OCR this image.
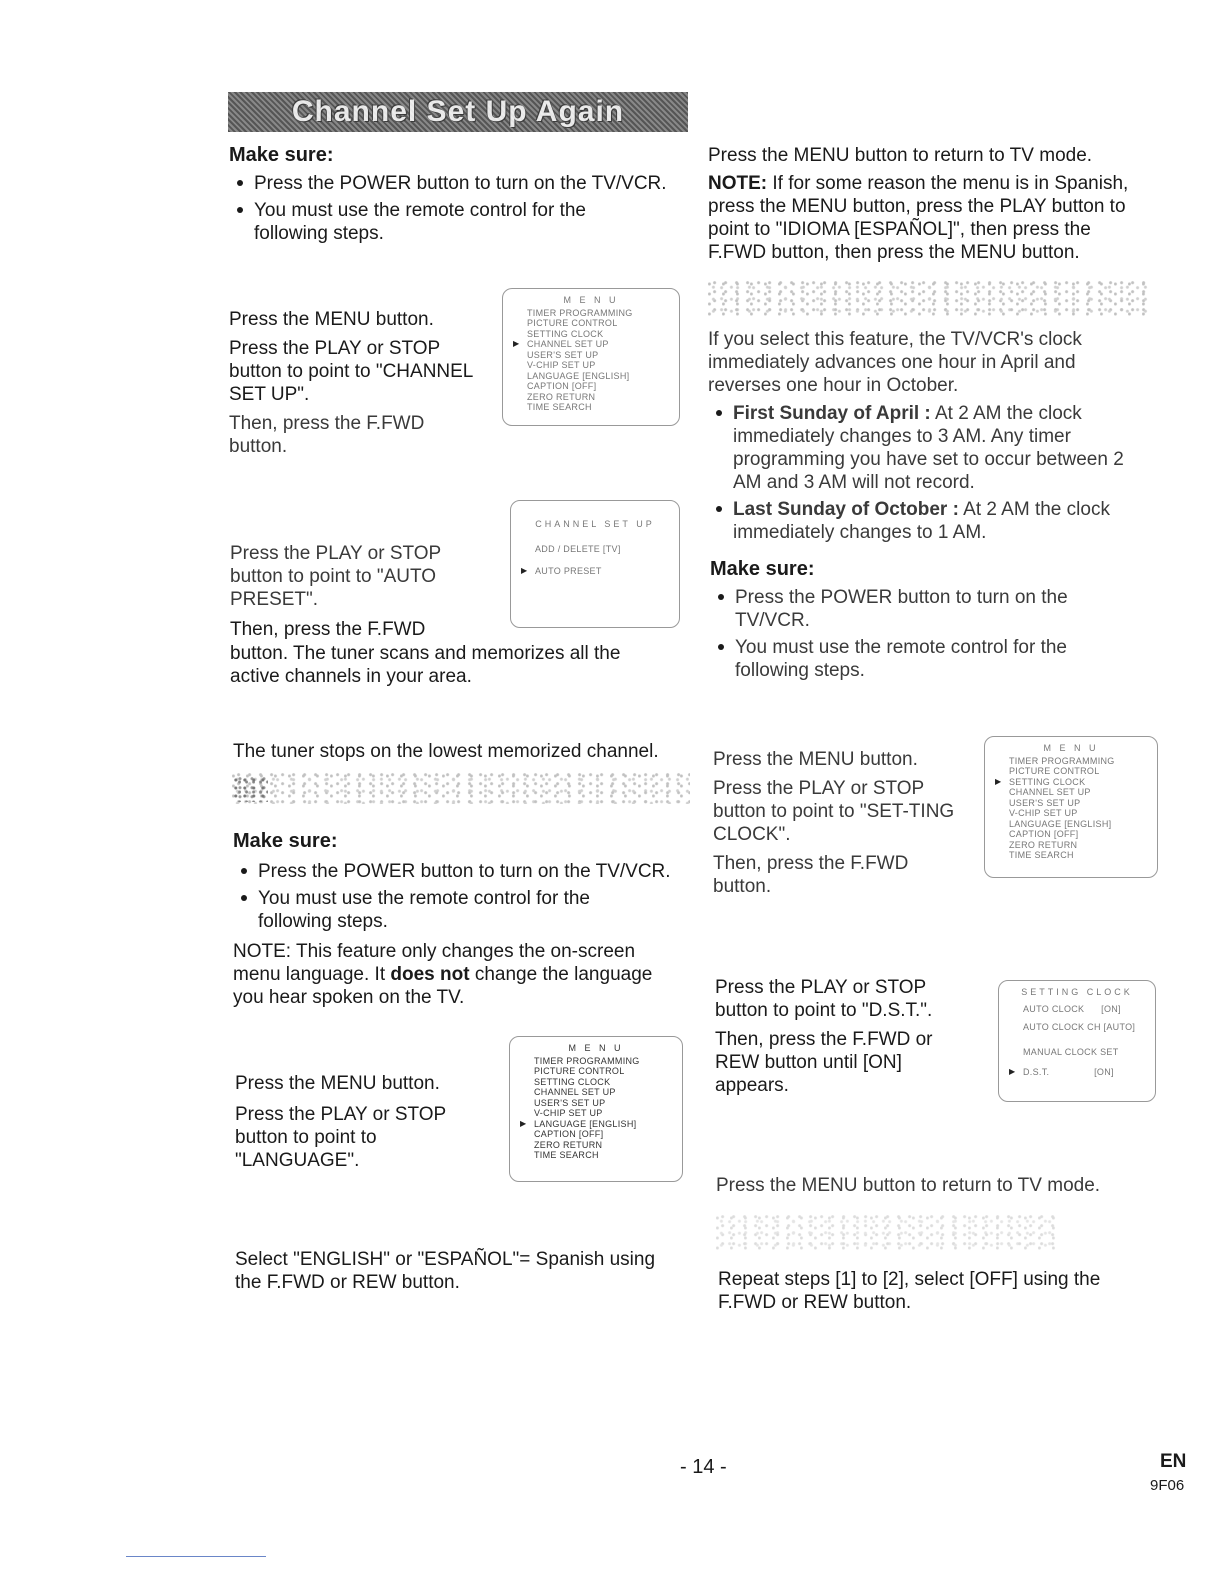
Channel Set Up Again

Make sure:

Press the POWER button to turn on the TV/VCR.
You must use the remote control for the following steps.

Press the MENU button.

Press the PLAY or STOP button to point to "CHANNEL SET UP".

Then, press the F.FWD button.

M E N U
TIMER PROGRAMMING
PICTURE CONTROL
SETTING CLOCK
▶ CHANNEL SET UP
USER'S SET UP
V-CHIP SET UP
LANGUAGE [ENGLISH]
CAPTION [OFF]
ZERO RETURN
TIME SEARCH

Press the PLAY or STOP button to point to "AUTO PRESET".

Then, press the F.FWD

button. The tuner scans and memorizes all the active channels in your area.

CHANNEL SET UP
ADD / DELETE [TV]
▶ AUTO PRESET

The tuner stops on the lowest memorized channel.

Make sure:

Press the POWER button to turn on the TV/VCR.
You must use the remote control for the following steps.

NOTE: This feature only changes the on-screen menu language. It does not change the language you hear spoken on the TV.

Press the MENU button.

Press the PLAY or STOP button to point to "LANGUAGE".

M E N U
TIMER PROGRAMMING
PICTURE CONTROL
SETTING CLOCK
CHANNEL SET UP
USER'S SET UP
V-CHIP SET UP
▶ LANGUAGE [ENGLISH]
CAPTION [OFF]
ZERO RETURN
TIME SEARCH

Select "ENGLISH" or "ESPAÑOL"= Spanish using the F.FWD or REW button.

Press the MENU button to return to TV mode.

NOTE: If for some reason the menu is in Spanish, press the MENU button, press the PLAY button to point to "IDIOMA [ESPAÑOL]", then press the F.FWD button, then press the MENU button.

If you select this feature, the TV/VCR's clock immediately advances one hour in April and reverses one hour in October.

First Sunday of April : At 2 AM the clock immediately changes to 3 AM. Any timer programming you have set to occur between 2 AM and 3 AM will not record.
Last Sunday of October : At 2 AM the clock immediately changes to 1 AM.

Make sure:

Press the POWER button to turn on the TV/VCR.
You must use the remote control for the following steps.

Press the MENU button.

Press the PLAY or STOP button to point to "SET-TING CLOCK".

Then, press the F.FWD button.

M E N U
TIMER PROGRAMMING
PICTURE CONTROL
▶ SETTING CLOCK
CHANNEL SET UP
USER'S SET UP
V-CHIP SET UP
LANGUAGE [ENGLISH]
CAPTION [OFF]
ZERO RETURN
TIME SEARCH

Press the PLAY or STOP button to point to "D.S.T.".

Then, press the F.FWD or REW button until [ON] appears.

SETTING CLOCK
AUTO CLOCK      [ON]
AUTO CLOCK CH [AUTO]
MANUAL CLOCK SET
▶ D.S.T.                [ON]

Press the MENU button to return to TV mode.

Repeat steps [1] to [2], select [OFF] using the F.FWD or REW button.

- 14 -	EN

9F06
